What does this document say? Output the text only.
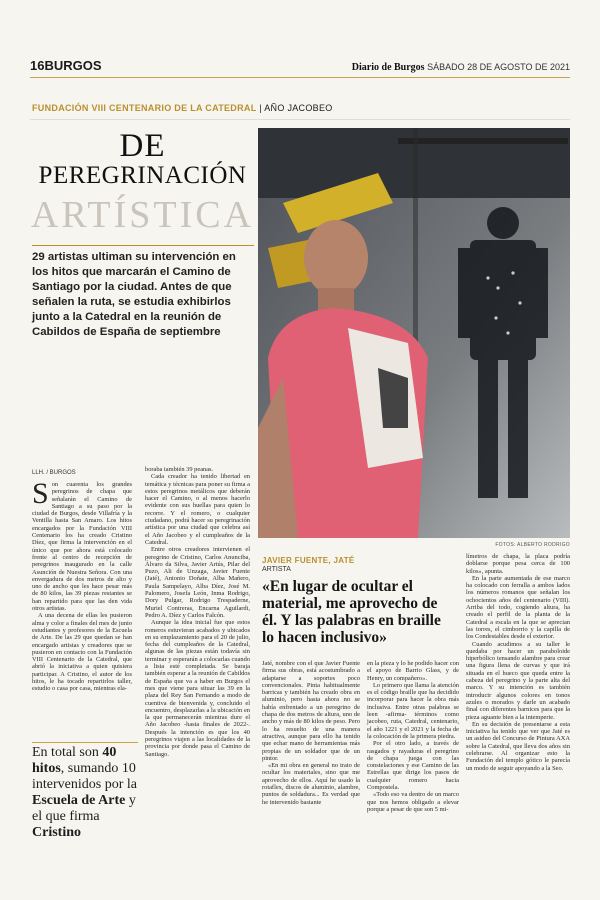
16BURGOS	Diario de Burgos SÁBADO 28 DE AGOSTO DE 2021
FUNDACIÓN VIII CENTENARIO DE LA CATEDRAL | AÑO JACOBEO
DE
PEREGRINACIÓN
ARTÍSTICA
29 artistas ultiman su intervención en los hitos que marcarán el Camino de Santiago por la ciudad. Antes de que señalen la ruta, se estudia exhibirlos junto a la Catedral en la reunión de Cabildos de España de septiembre
FOTOS: ALBERTO RODRIGO
LLH. / BURGOS
Son cuarenta los grandes peregrinos de chapa que señalarán el Camino de Santiago a su paso por la ciudad de Burgos, desde Villafría y la Ventilla hasta San Amaro. Los hitos encargados por la Fundación VIII Centenario los ha creado Cristino Díez, que firma la intervención en el único que por ahora está colocado frente al centro de recepción de peregrinos inaugurado en la calle Asunción de Nuestra Señora. Con una envergadura de dos metros de alto y uno de ancho que les hace pesar más de 80 kilos, las 39 piezas restantes se han repartido para que las den vida otros artistas.
A una decena de ellas les pusieron alma y color a finales del mes de junio estudiantes y profesores de la Escuela de Arte. De las 29 que quedan se han encargado artistas y creadores que se pusieron en contacto con la Fundación VIII Centenario de la Catedral, que abrió la iniciativa a quien quisiera participar. A Cristino, el autor de los hitos, le ha tocado repartirlos taller, estudio o casa por casa, mientras ela-
boraba también 39 peanas.
Cada creador ha tenido libertad en temática y técnicas para poner su firma a estos peregrinos metálicos que deberán hacer el Camino, o al menos hacerlo evidente con sus huellas para quien lo recorre. Y el romero, o cualquier ciudadano, podrá hacer su peregrinación artística por una ciudad que celebra así el Año Jacobeo y el cumpleaños de la Catedral.
Entre otros creadores intervienen el peregrino de Cristino, Carlos Anunciba, Álvaro da Silva, Javier Artús, Pilar del Puzo, Ali de Unzaga, Javier Fuente (Jaté), Antonio Doñate, Alba Mañero, Paula Sampelayo, Alba Díez, José M. Palomero, Josefa León, Inma Rodrigo, Dory Pulgar, Rodrigo Trespaderne, Muriel Contreras, Encarna Aguilardi, Pedro A. Díez y Carlos Falcón.
Aunque la idea inicial fue que estos romeros estuvieran acabados y ubicados en su emplazamiento para el 20 de julio, fecha del cumpleaños de la Catedral, algunas de las piezas están todavía sin terminar y esperarán a colocarlas cuando a lista esté completada. Se baraja también esperar a la reunión de Cabildos de España que va a haber en Burgos el mes que viene para situar las 39 en la plaza del Rey San Fernando a modo de cuentiva de bienvenida y, concluido el encuentro, desplazarlas a la ubicación en la que permanecerán mientras dure el Año Jacobeo -hasta finales de 2022-. Después la intención es que los 40 peregrinos viajen a las localidades de la provincia por donde pasa el Camino de Santiago.
En total son 40 hitos, sumando 10 intervenidos por la Escuela de Arte y el que firma Cristino
JAVIER FUENTE, JATÉ
ARTISTA
«En lugar de ocultar el material, me aprovecho de él. Y las palabras en braille lo hacen inclusivo»
Jaté, nombre con el que Javier Fuente firma sus obras, está acostumbrado a adaptarse a soportes poco convencionales. Pinta habitualmente barricas y también ha creado obra en aluminio, pero hasta ahora no se había enfrentado a un peregrino de chapa de dos metros de altura, uno de ancho y más de 80 kilos de peso. Pero lo ha resuelto de una manera atractiva, aunque para ello ha tenido que echar mano de herramientas más propias de un soldador que de un pintor.
«En mi obra en general no trato de ocultar los materiales, sino que me aprovecho de ellos. Aquí he usado la rotaflex, discos de aluminio, alambre, puntos de soldadura... Es verdad que he intervenido bastante
en la pieza y lo he podido hacer con el apoyo de Barrio Glass, y de Henry, un compañero».
Lo primero que llama la atención es el código braille que ha decidido incorporar para hacer la obra más inclusiva. Entre otras palabras se leen -afirma- términos como jacobeo, ruta, Catedral, centenario, el año 1221 y el 2021 y la fecha de la colocación de la primera piedra.
Por el otro lado, a través de rasgados y rayaduras el peregrino de chapa juega con las constelaciones y ese Camino de las Estrellas que dirige los pasos de cualquier romero hacia Compostela.
«Todo eso va dentro de un marco que nos hemos obligado a elevar porque a pesar de que son 5 mi-
límetros de chapa, la placa podría doblarse porque pesa cerca de 100 kilos», apunta.
En la parte aumentada de ese marco ha colocado con ferralla a ambos lados los números romanos que señalan los ochocientos años del centenario (VIII). Arriba del todo, cogiendo altura, ha creado el perfil de la planta de la Catedral a escala en la que se aprecian las torres, el cimborrio y la capilla de los Condestables desde el exterior.
Cuando acudimos a su taller le quedaba por hacer un paraboloide hiperbólico tensando alambre para crear una figura llena de curvas y que irá situada en el hueco que queda entre la cabeza del peregrino y la parte alta del marco. Y su intención es también introducir algunos colores en tonos azules o morados y darle un acabado final con diferentes barnices para que la pieza aguante bien a la intemperie.
En su decisión de presentarse a esta iniciativa ha tenido que ver que Jaté es un asiduo del Concurso de Pintura AXA sobre la Catedral, que lleva dos años sin celebrarse. Al organizar esto la Fundación del templo gótico le parecía un modo de seguir apoyando a la Seo.
